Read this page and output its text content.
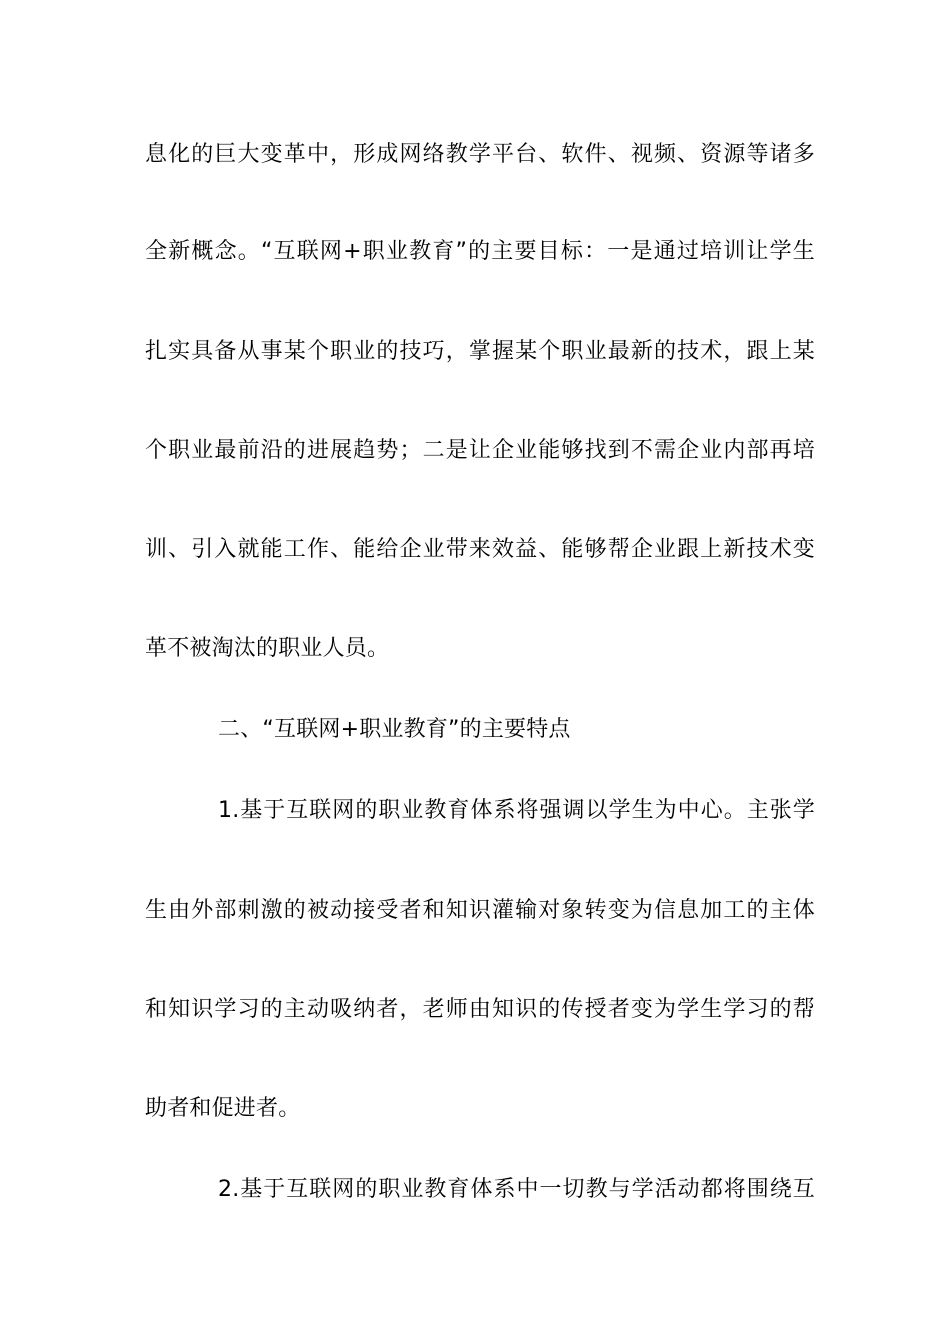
息化的巨大变革中，形成网络教学平台、软件、视频、资源等诸多
全新概念。“互联网+职业教育”的主要目标：一是通过培训让学生
扎实具备从事某个职业的技巧，掌握某个职业最新的技术，跟上某
个职业最前沿的进展趋势；二是让企业能够找到不需企业内部再培
训、引入就能工作、能给企业带来效益、能够帮企业跟上新技术变
革不被淘汰的职业人员。
二、“互联网+职业教育”的主要特点
1.基于互联网的职业教育体系将强调以学生为中心。主张学
生由外部刺激的被动接受者和知识灌输对象转变为信息加工的主体
和知识学习的主动吸纳者，老师由知识的传授者变为学生学习的帮
助者和促进者。
2.基于互联网的职业教育体系中一切教与学活动都将围绕互
